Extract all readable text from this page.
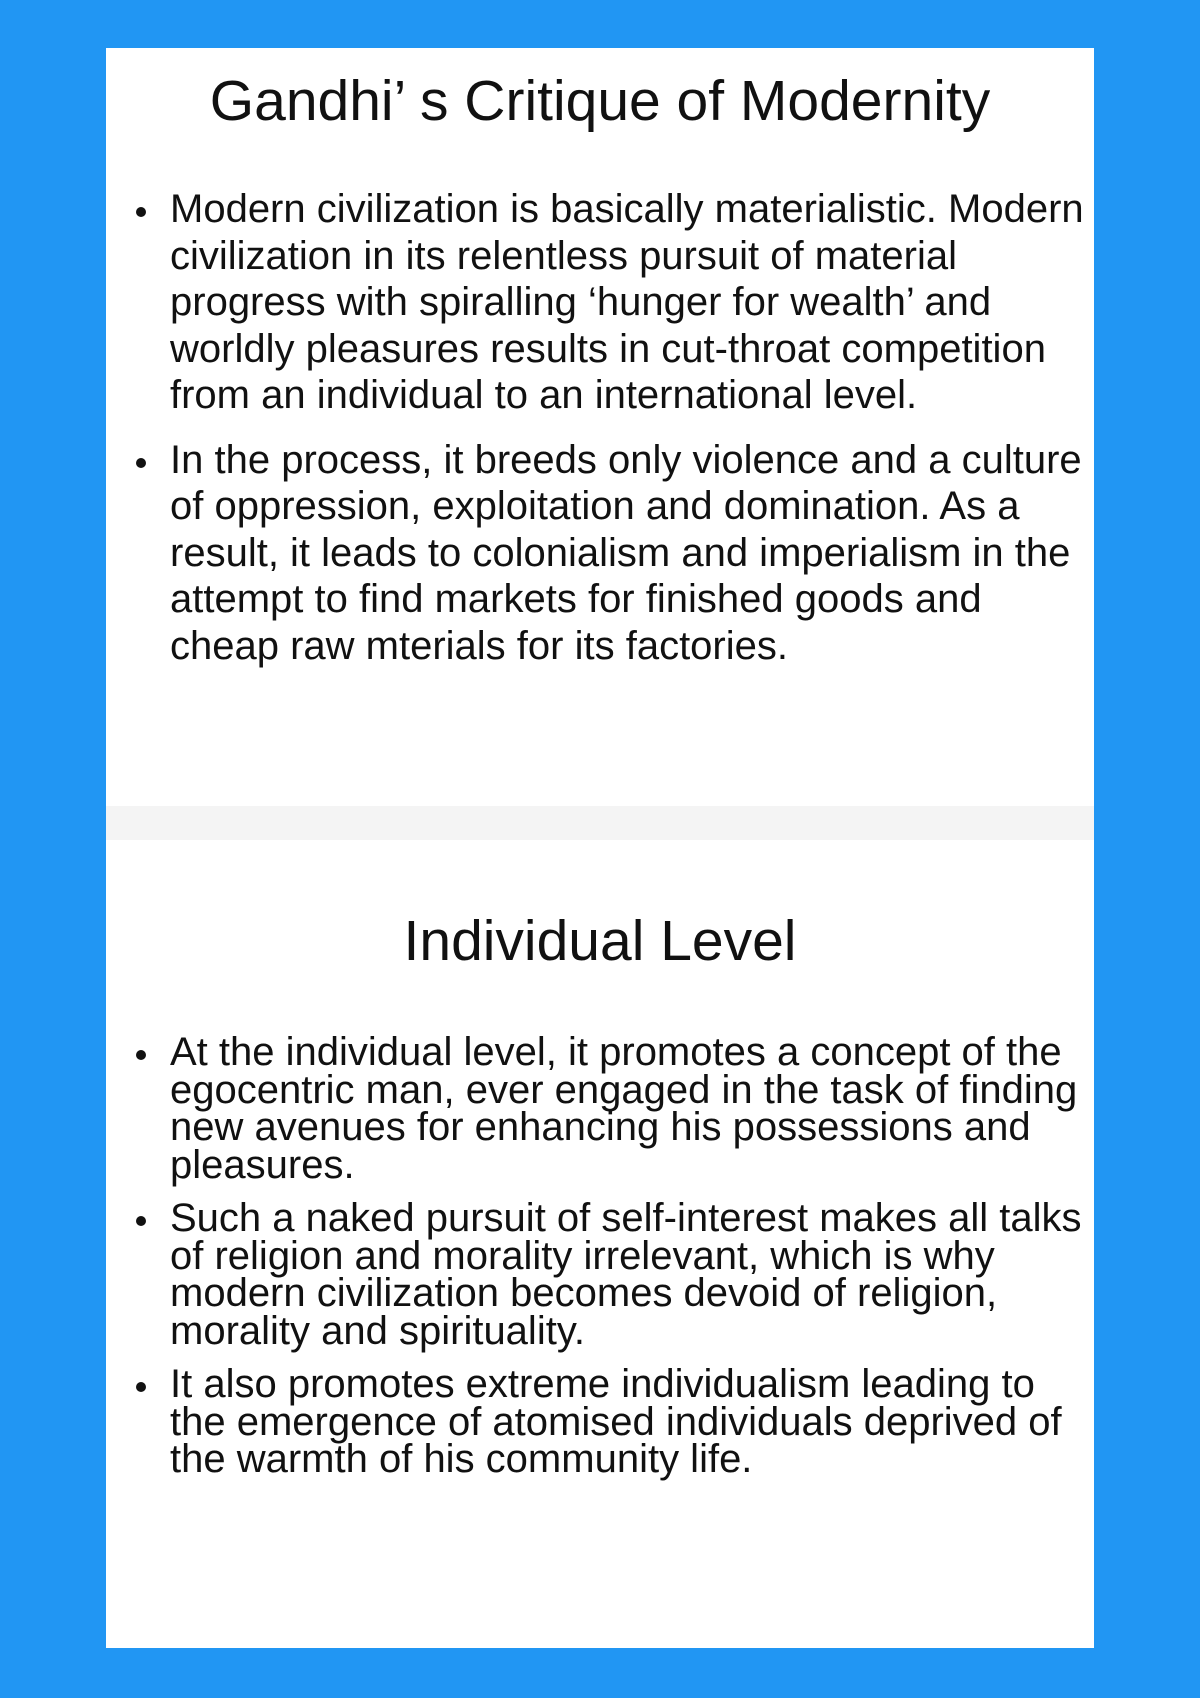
Gandhi’ s Critique of Modernity
Modern civilization is basically materialistic. Modern civilization in its relentless pursuit of material progress with spiralling ‘hunger for wealth’ and worldly pleasures results in cut-throat competition from an individual to an international level.
In the process, it breeds only violence and a culture of oppression, exploitation and domination. As a result, it leads to colonialism and imperialism in the attempt to find markets for finished goods and cheap raw mterials for its factories.
Individual Level
At the individual level, it promotes a concept of the egocentric man, ever engaged in the task of finding new avenues for enhancing his possessions and pleasures.
Such a naked pursuit of self-interest makes all talks of religion and morality irrelevant, which is why modern civilization becomes devoid of religion, morality and spirituality.
It also promotes extreme individualism leading to the emergence of atomised individuals deprived of the warmth of his community life.
